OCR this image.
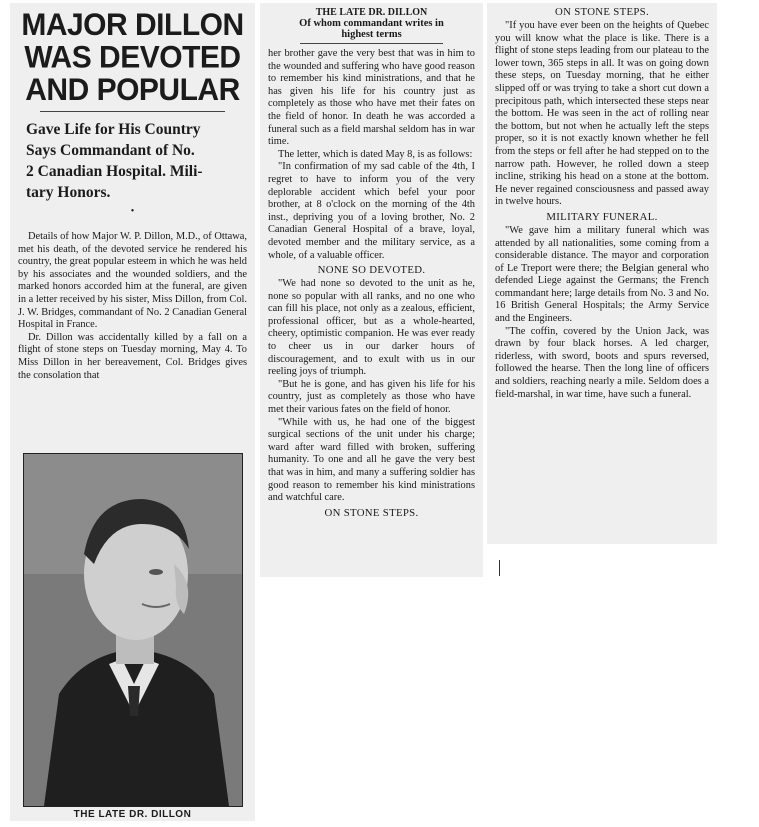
MAJOR DILLON
WAS DEVOTED
AND POPULAR
Gave Life for His Country
Says Commandant of No.
2 Canadian Hospital. Mili-
tary Honors.
•

Details of how Major W. P. Dillon, M.D., of Ottawa, met his death, of the devoted service he rendered his country, the great popular esteem in which he was held by his associates and the wounded soldiers, and the marked honors accorded him at the funeral, are given in a letter received by his sister, Miss Dillon, from Col. J. W. Bridges, commandant of No. 2 Canadian General Hospital in France.

Dr. Dillon was accidentally killed by a fall on a flight of stone steps on Tuesday morning, May 4. To Miss Dillon in her bereavement, Col. Bridges gives the consolation that

THE LATE DR. DILLON
THE LATE DR. DILLON
Of whom commandant writes in
highest terms

her brother gave the very best that was in him to the wounded and suffering who have good reason to remember his kind ministrations, and that he has given his life for his country just as completely as those who have met their fates on the field of honor. In death he was accorded a funeral such as a field marshal seldom has in war time.

The letter, which is dated May 8, is as follows:

"In confirmation of my sad cable of the 4th, I regret to have to inform you of the very deplorable accident which befel your poor brother, at 8 o'clock on the morning of the 4th inst., depriving you of a loving brother, No. 2 Canadian General Hospital of a brave, loyal, devoted member and the military service, as a whole, of a valuable officer.

NONE SO DEVOTED.

"We had none so devoted to the unit as he, none so popular with all ranks, and no one who can fill his place, not only as a zealous, efficient, professional officer, but as a whole-hearted, cheery, optimistic companion. He was ever ready to cheer us in our darker hours of discouragement, and to exult with us in our reeling joys of triumph.

"But he is gone, and has given his life for his country, just as completely as those who have met their various fates on the field of honor.

"While with us, he had one of the biggest surgical sections of the unit under his charge; ward after ward filled with broken, suffering humanity. To one and all he gave the very best that was in him, and many a suffering soldier has good reason to remember his kind ministrations and watchful care.

ON STONE STEPS.
ON STONE STEPS.

"If you have ever been on the heights of Quebec you will know what the place is like. There is a flight of stone steps leading from our plateau to the lower town, 365 steps in all. It was on going down these steps, on Tuesday morning, that he either slipped off or was trying to take a short cut down a precipitous path, which intersected these steps near the bottom. He was seen in the act of rolling near the bottom, but not when he actually left the steps proper, so it is not exactly known whether he fell from the steps or fell after he had stepped on to the narrow path. However, he rolled down a steep incline, striking his head on a stone at the bottom. He never regained consciousness and passed away in twelve hours.

MILITARY FUNERAL.

"We gave him a military funeral which was attended by all nationalities, some coming from a considerable distance. The mayor and corporation of Le Treport were there; the Belgian general who defended Liege against the Germans; the French commandant here; large details from No. 3 and No. 16 British General Hospitals; the Army Service and the Engineers.

"The coffin, covered by the Union Jack, was drawn by four black horses. A led charger, riderless, with sword, boots and spurs reversed, followed the hearse. Then the long line of officers and soldiers, reaching nearly a mile. Seldom does a field-marshal, in war time, have such a funeral.
